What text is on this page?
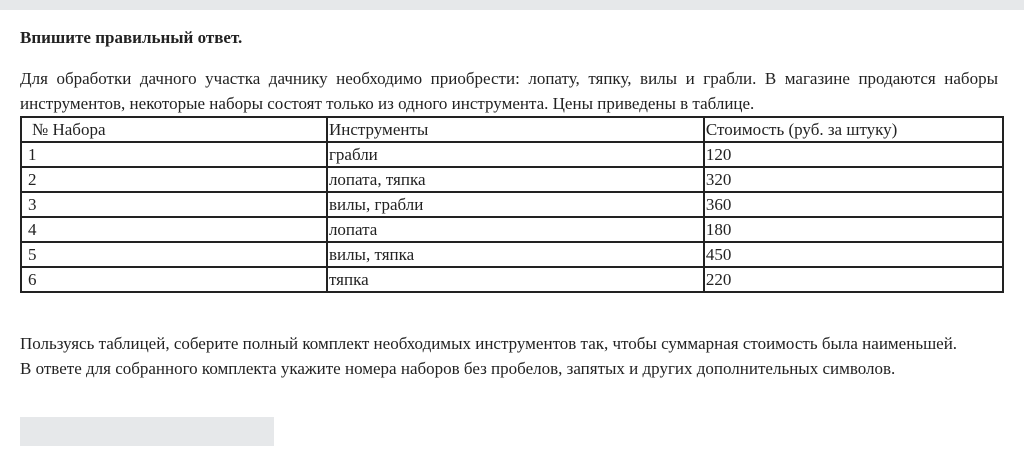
Впишите правильный ответ.

Для обработки дачного участка дачнику необходимо приобрести: лопату, тяпку, вилы и грабли. В магазине продаются наборы инструментов, некоторые наборы состоят только из одного инструмента. Цены приведены в таблице.

№ Набора	Инструменты	Стоимость (руб. за штуку)
1	грабли	120
2	лопата, тяпка	320
3	вилы, грабли	360
4	лопата	180
5	вилы, тяпка	450
6	тяпка	220
Пользуясь таблицей, соберите полный комплект необходимых инструментов так, чтобы суммарная стоимость была наименьшей.
В ответе для собранного комплекта укажите номера наборов без пробелов, запятых и других дополнительных символов.
